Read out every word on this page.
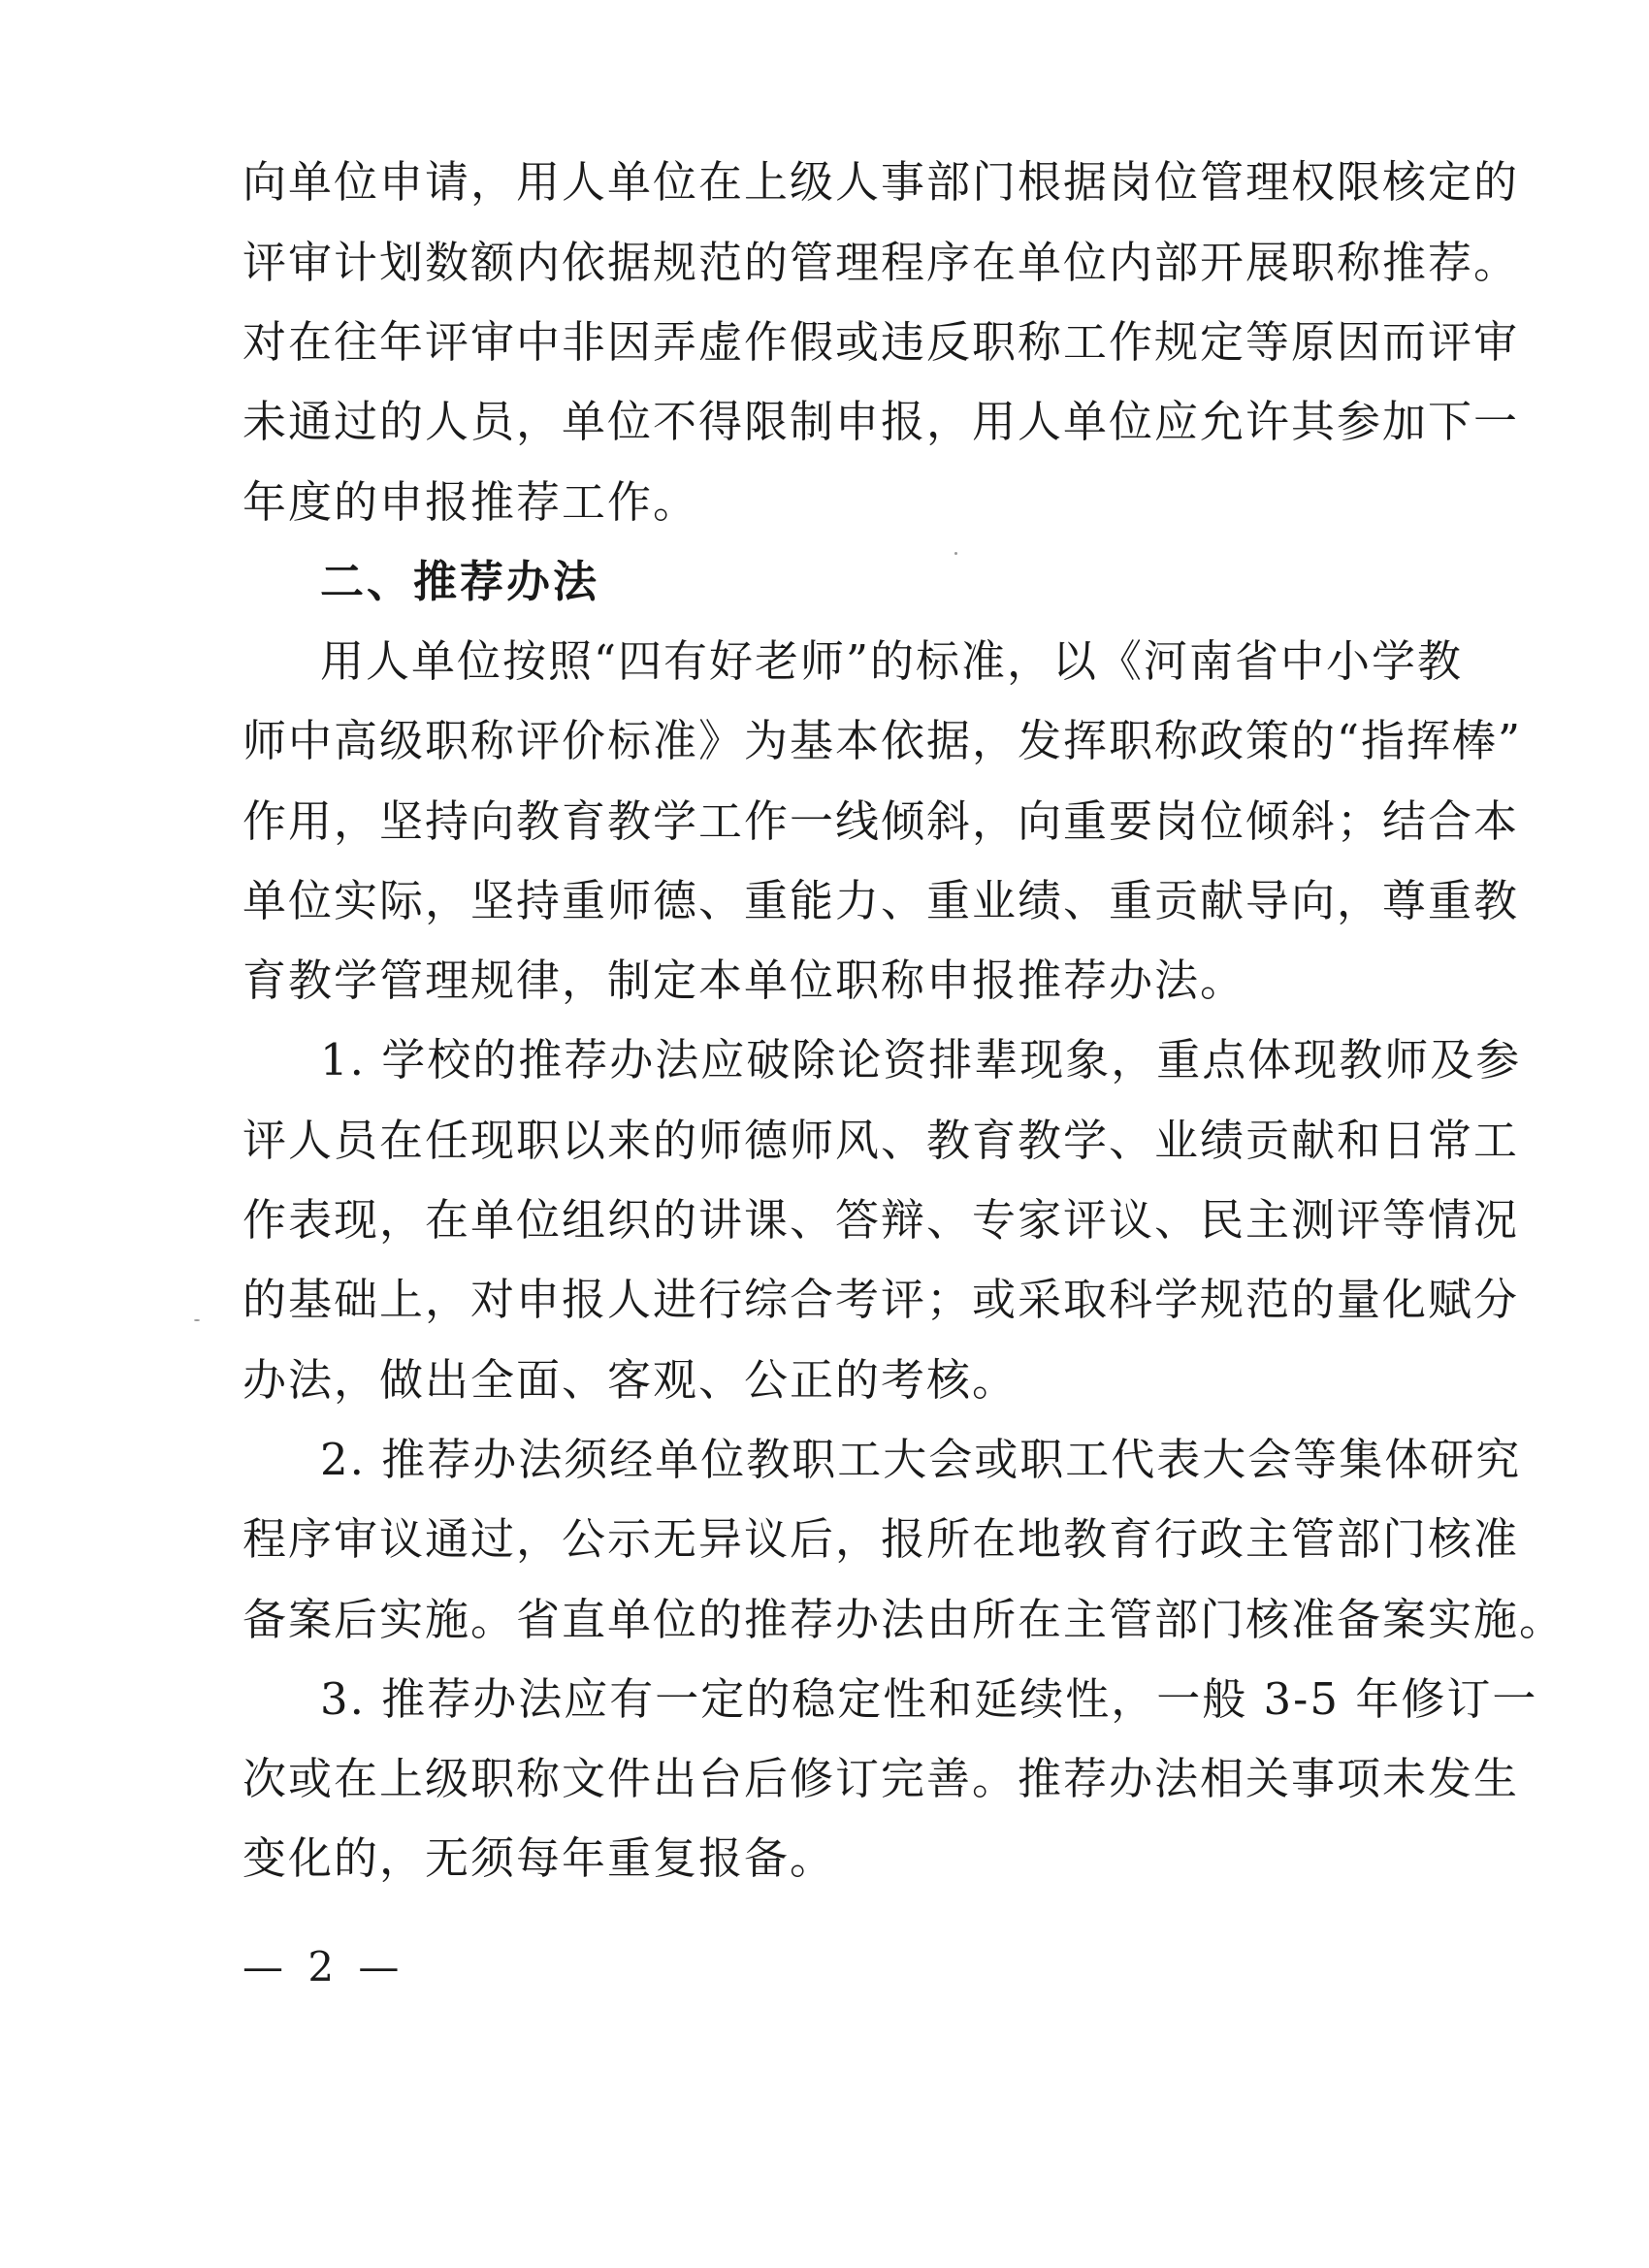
向单位申请，用人单位在上级人事部门根据岗位管理权限核定的
评审计划数额内依据规范的管理程序在单位内部开展职称推荐。
对在往年评审中非因弄虚作假或违反职称工作规定等原因而评审
未通过的人员，单位不得限制申报，用人单位应允许其参加下一
年度的申报推荐工作。
二、推荐办法
用人单位按照“四有好老师”的标准，以《河南省中小学教
师中高级职称评价标准》为基本依据，发挥职称政策的“指挥棒”
作用，坚持向教育教学工作一线倾斜，向重要岗位倾斜；结合本
单位实际，坚持重师德、重能力、重业绩、重贡献导向，尊重教
育教学管理规律，制定本单位职称申报推荐办法。
1. 学校的推荐办法应破除论资排辈现象，重点体现教师及参
评人员在任现职以来的师德师风、教育教学、业绩贡献和日常工
作表现，在单位组织的讲课、答辩、专家评议、民主测评等情况
的基础上，对申报人进行综合考评；或采取科学规范的量化赋分
办法，做出全面、客观、公正的考核。
2. 推荐办法须经单位教职工大会或职工代表大会等集体研究
程序审议通过，公示无异议后，报所在地教育行政主管部门核准
备案后实施。省直单位的推荐办法由所在主管部门核准备案实施。
3. 推荐办法应有一定的稳定性和延续性，一般 3-5 年修订一
次或在上级职称文件出台后修订完善。推荐办法相关事项未发生
变化的，无须每年重复报备。
— 2 —
